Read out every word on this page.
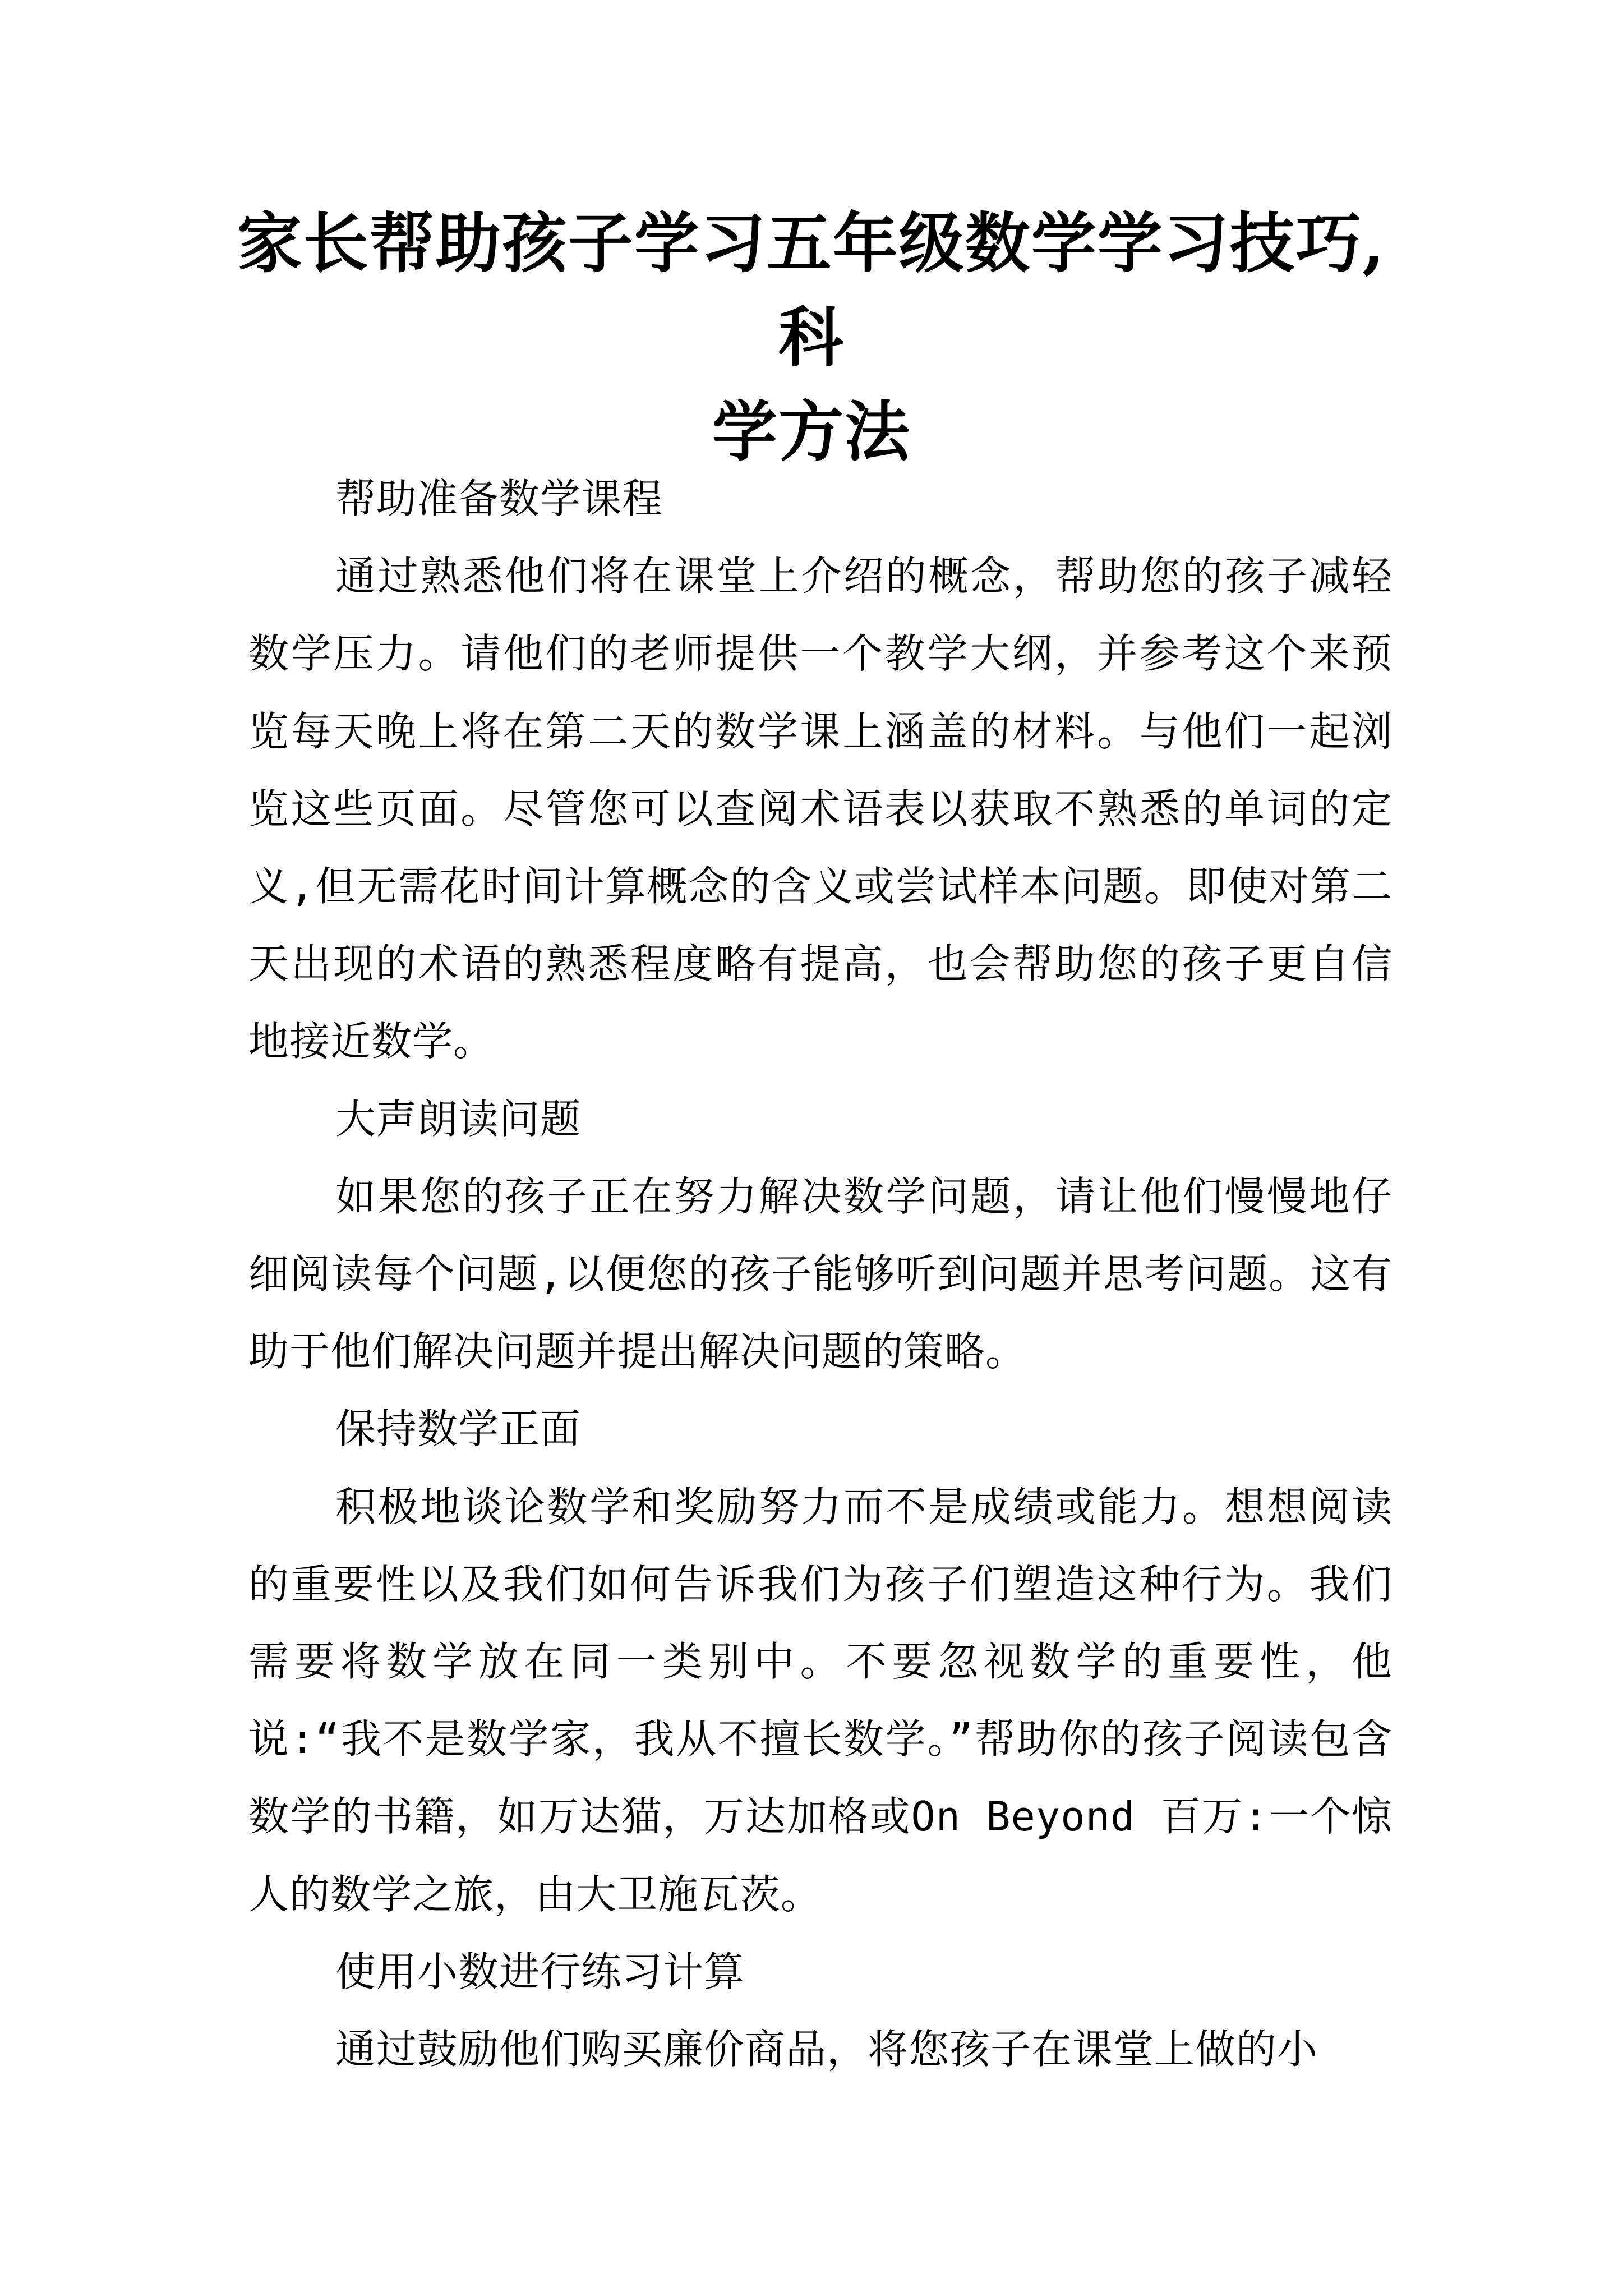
家长帮助孩子学习五年级数学学习技巧,科
学方法

帮助准备数学课程

通过熟悉他们将在课堂上介绍的概念，帮助您的孩子减轻数学压力。请他们的老师提供一个教学大纲，并参考这个来预览每天晚上将在第二天的数学课上涵盖的材料。与他们一起浏览这些页面。尽管您可以查阅术语表以获取不熟悉的单词的定义,但无需花时间计算概念的含义或尝试样本问题。即使对第二天出现的术语的熟悉程度略有提高，也会帮助您的孩子更自信地接近数学。

大声朗读问题

如果您的孩子正在努力解决数学问题，请让他们慢慢地仔细阅读每个问题,以便您的孩子能够听到问题并思考问题。这有助于他们解决问题并提出解决问题的策略。

保持数学正面

积极地谈论数学和奖励努力而不是成绩或能力。想想阅读的重要性以及我们如何告诉我们为孩子们塑造这种行为。我们需要将数学放在同一类别中。不要忽视数学的重要性，他说:“我不是数学家，我从不擅长数学。”帮助你的孩子阅读包含数学的书籍，如万达猫，万达加格或On Beyond 百万:一个惊人的数学之旅，由大卫施瓦茨。

使用小数进行练习计算

通过鼓励他们购买廉价商品，将您孩子在课堂上做的小
